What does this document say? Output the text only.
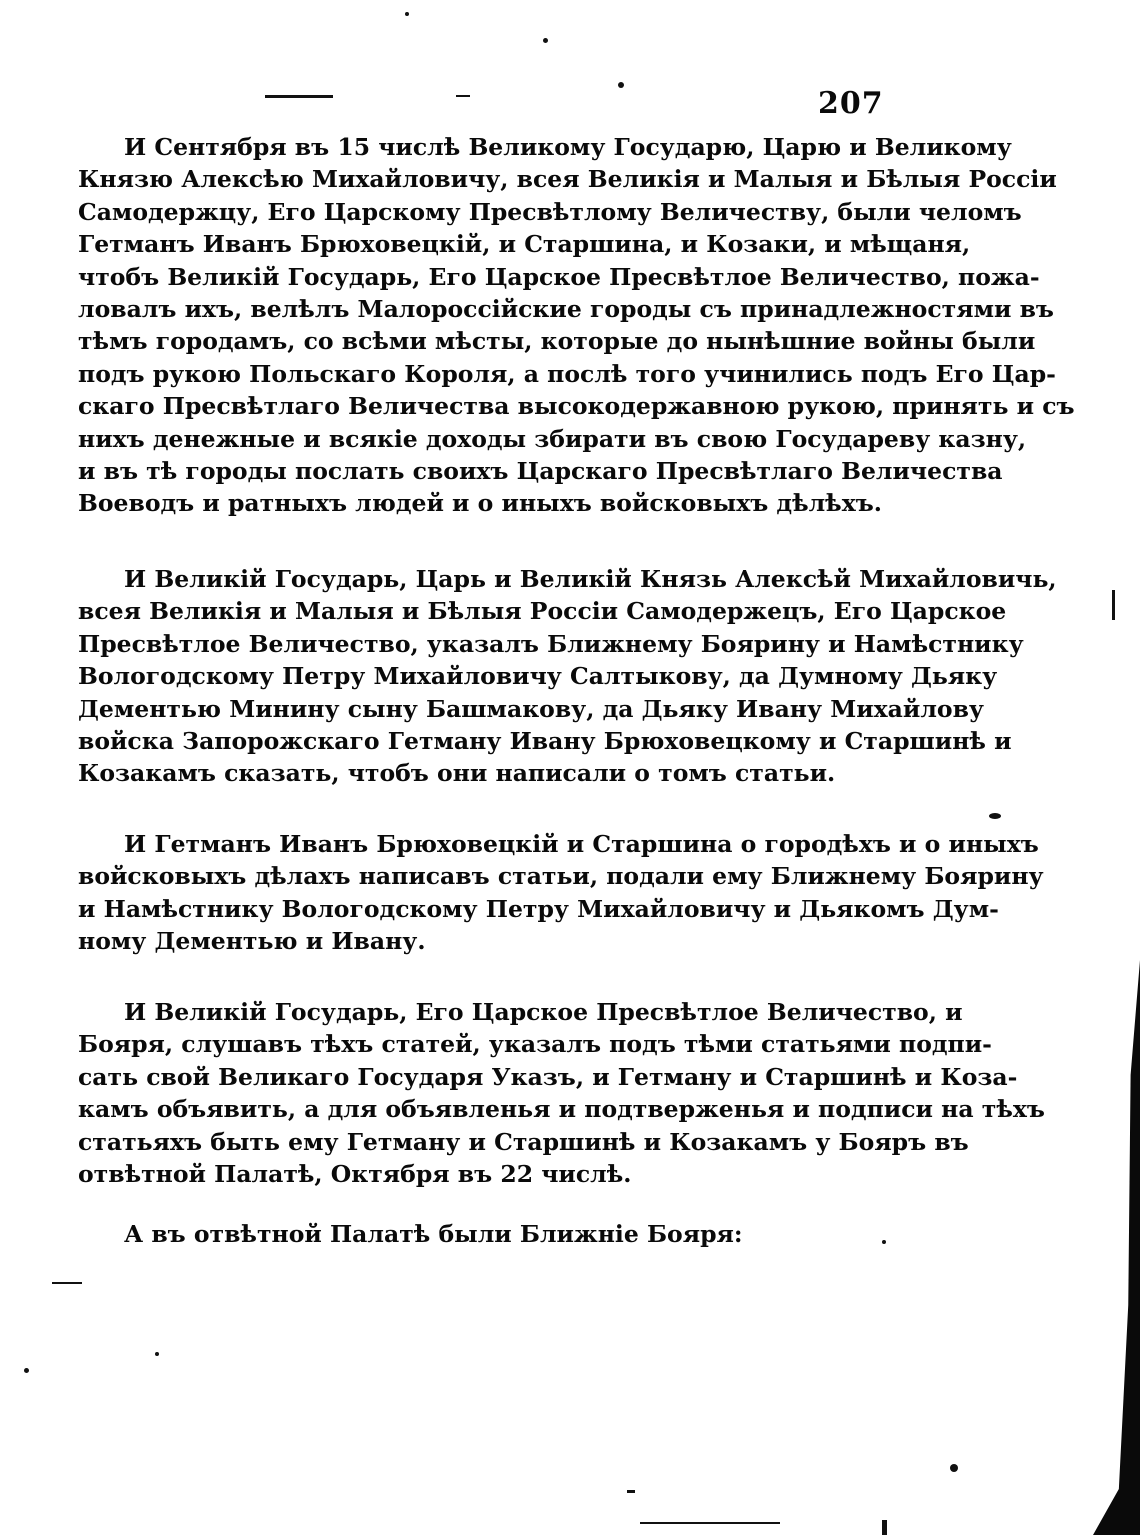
207
И Сентября въ 15 числѣ Великому Государю, Царю и Великому
Князю Алексѣю Михайловичу, всея Великія и Малыя и Бѣлыя Россіи
Самодержцу, Его Царскому Пресвѣтлому Величеству, были челомъ
Гетманъ Иванъ Брюховецкій, и Старшина, и Козаки, и мѣщаня,
чтобъ Великій Государь, Его Царское Пресвѣтлое Величество, пожа-
ловалъ ихъ, велѣлъ Малороссійские городы съ принадлежностями въ
тѣмъ городамъ, со всѣми мѣсты, которые до нынѣшние войны были
подъ рукою Польскаго Короля, а послѣ того учинились подъ Его Цар-
скаго Пресвѣтлаго Величества высокодержавною рукою, принять и съ
нихъ денежные и всякіе доходы збирати въ свою Государеву казну,
и въ тѣ городы послать своихъ Царскаго Пресвѣтлаго Величества
Воеводъ и ратныхъ людей и о иныхъ войсковыхъ дѣлѣхъ.
И Великій Государь, Царь и Великій Князь Алексѣй Михайловичь,
всея Великія и Малыя и Бѣлыя Россіи Самодержецъ, Его Царское
Пресвѣтлое Величество, указалъ Ближнему Боярину и Намѣстнику
Вологодскому Петру Михайловичу Салтыкову, да Думному Дьяку
Дементью Минину сыну Башмакову, да Дьяку Ивану Михайлову
войска Запорожскаго Гетману Ивану Брюховецкому и Старшинѣ и
Козакамъ сказать, чтобъ они написали о томъ статьи.
И Гетманъ Иванъ Брюховецкій и Старшина о городѣхъ и о иныхъ
войсковыхъ дѣлахъ написавъ статьи, подали ему Ближнему Боярину
и Намѣстнику Вологодскому Петру Михайловичу и Дьякомъ Дум-
ному Дементью и Ивану.
И Великій Государь, Его Царское Пресвѣтлое Величество, и
Бояря, слушавъ тѣхъ статей, указалъ подъ тѣми статьями подпи-
сать свой Великаго Государя Указъ, и Гетману и Старшинѣ и Коза-
камъ объявить, а для объявленья и подтверженья и подписи на тѣхъ
статьяхъ быть ему Гетману и Старшинѣ и Козакамъ у Бояръ въ
отвѣтной Палатѣ, Октября въ 22 числѣ.
А въ отвѣтной Палатѣ были Ближніе Бояря:
